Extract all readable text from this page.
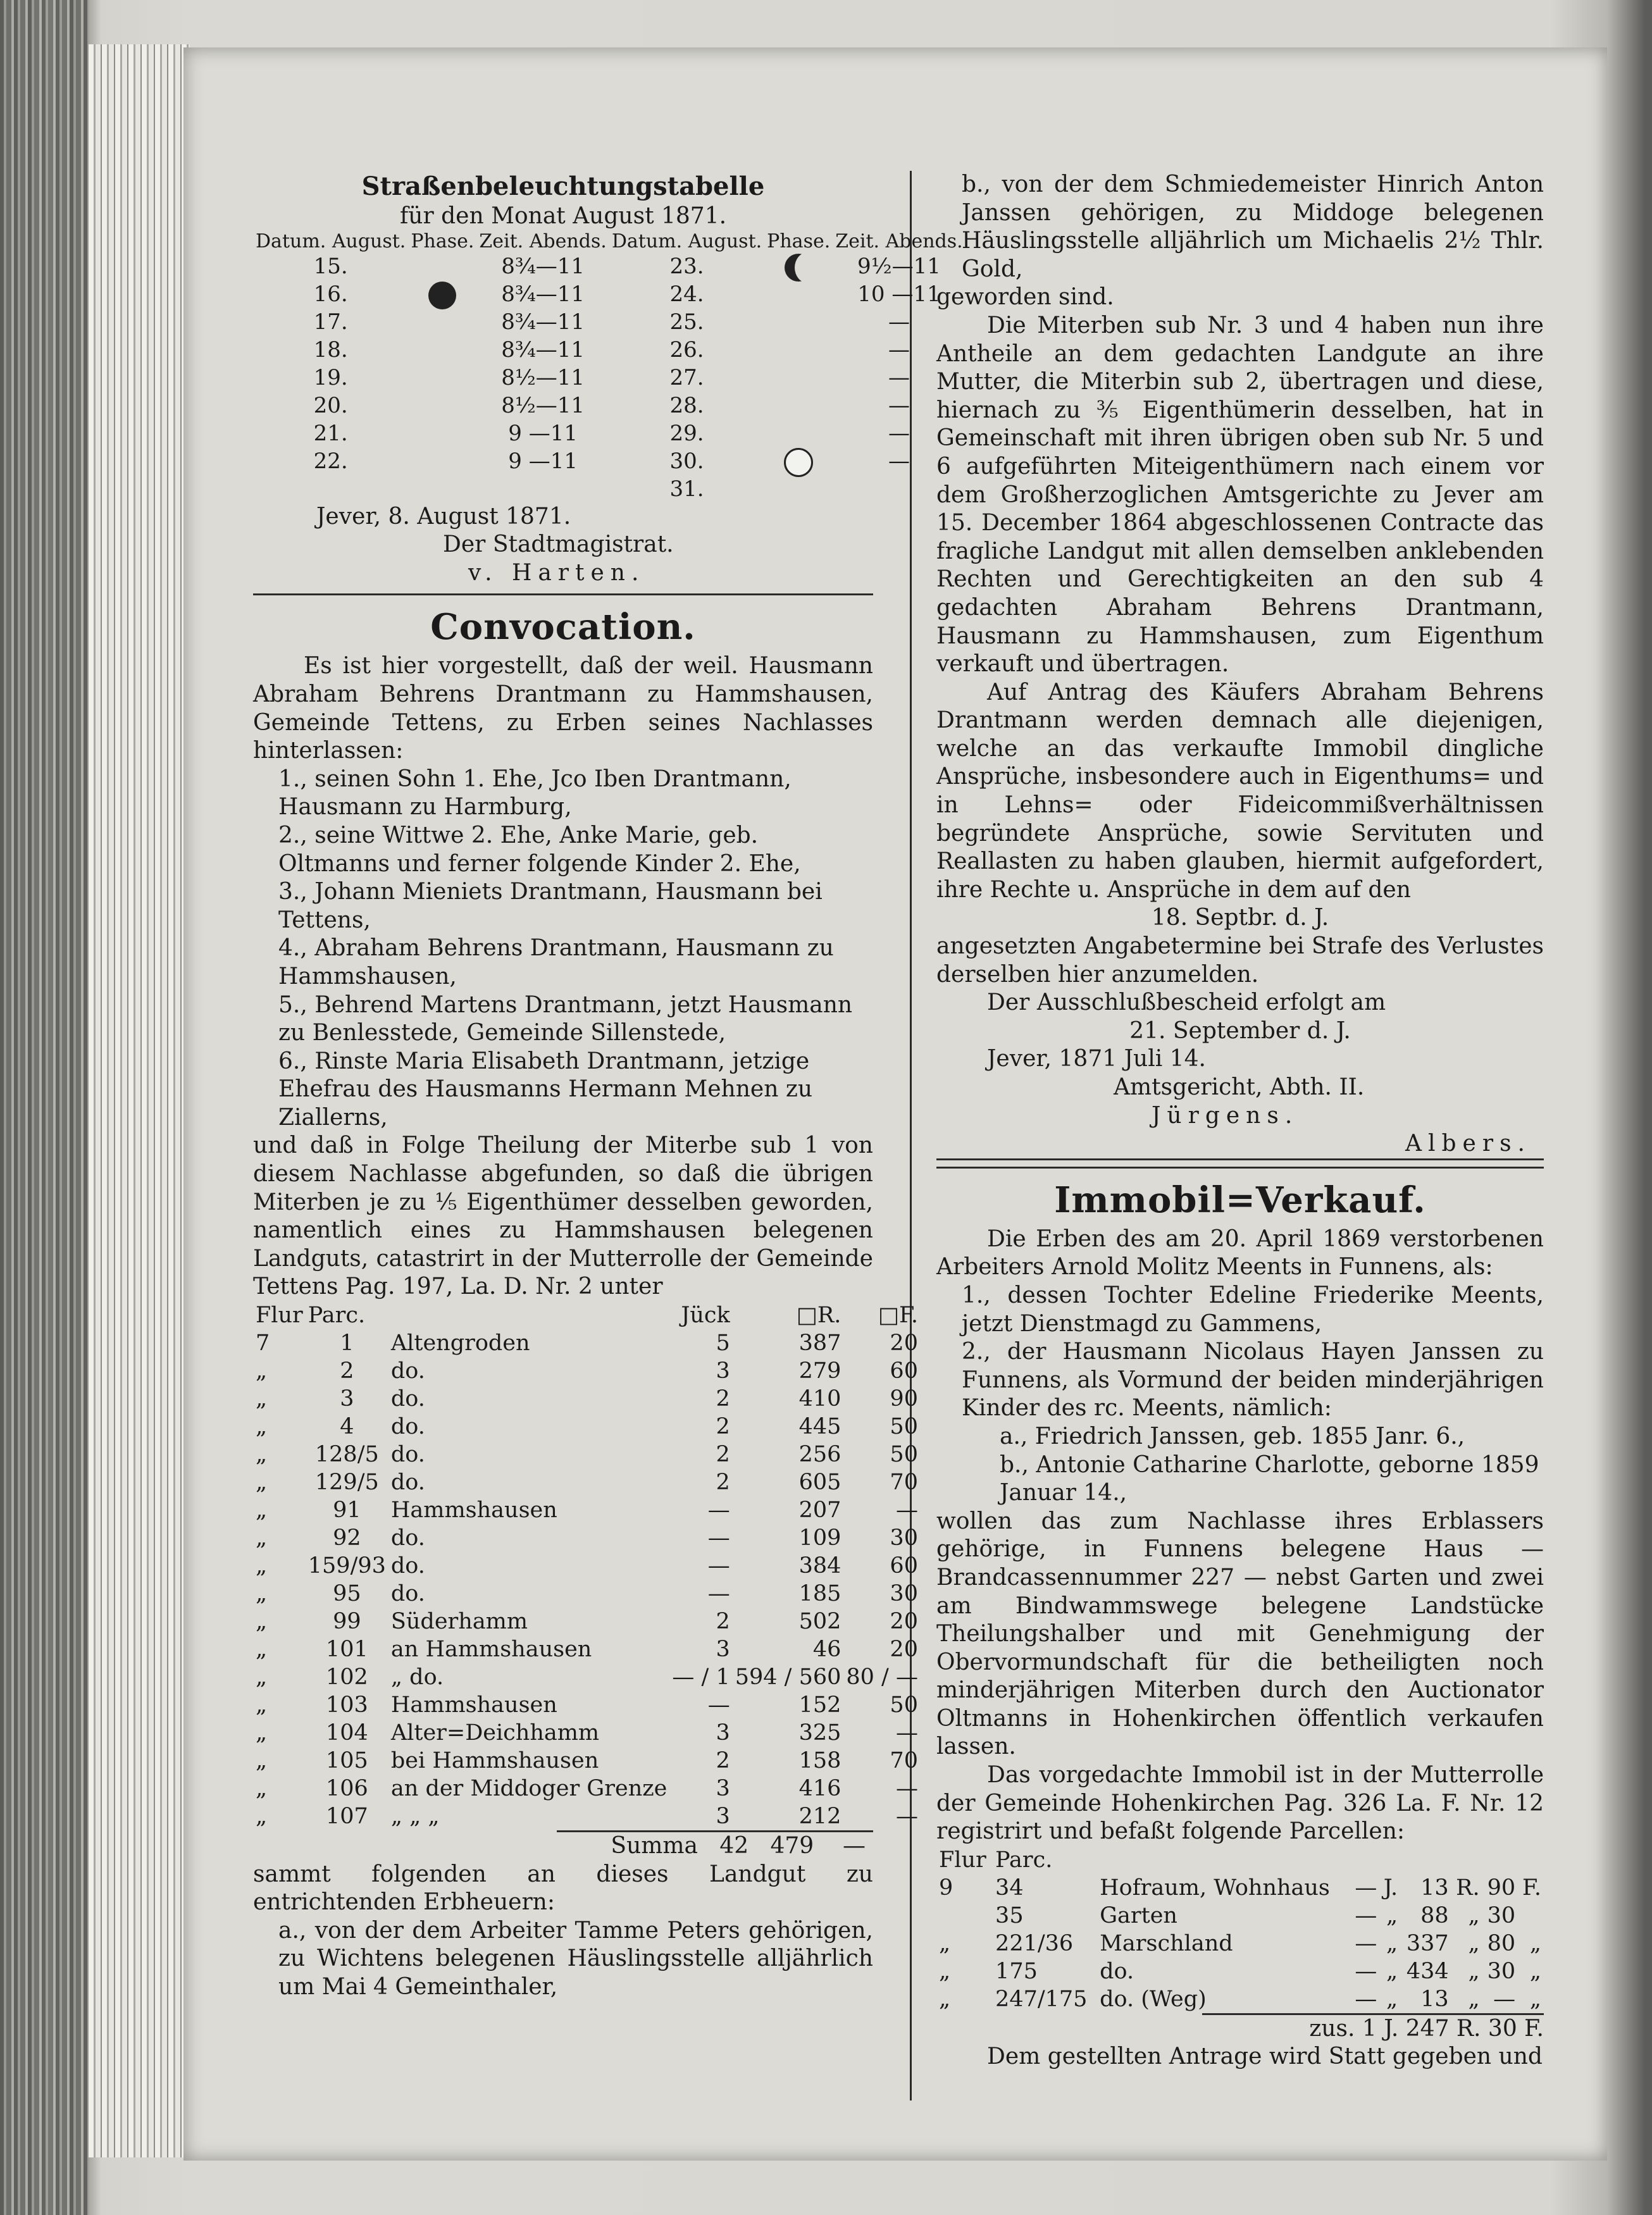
Straßenbeleuchtungstabelle
für den Monat August 1871.
Datum. August.	Phase.	Zeit. Abends.	Datum. August.	Phase.	Zeit. Abends.
15.		8¾—11	23.		9½—11
16.		8¾—11	24.		10 —11
17.		8¾—11	25.		—
18.		8¾—11	26.		—
19.		8½—11	27.		—
20.		8½—11	28.		—
21.		9 —11	29.		—
22.		9 —11	30.		—
			31.		
Jever, 8. August 1871.
Der Stadtmagistrat.
v. Harten.
Convocation.
Es ist hier vorgestellt, daß der weil. Hausmann Abraham Behrens Drantmann zu Hammshausen, Gemeinde Tettens, zu Erben seines Nachlasses hinterlassen:
1., seinen Sohn 1. Ehe, Jco Iben Drantmann, Hausmann zu Harmburg,
2., seine Wittwe 2. Ehe, Anke Marie, geb. Oltmanns und ferner folgende Kinder 2. Ehe,
3., Johann Mieniets Drantmann, Hausmann bei Tettens,
4., Abraham Behrens Drantmann, Hausmann zu Hammshausen,
5., Behrend Martens Drantmann, jetzt Hausmann zu Benlesstede, Gemeinde Sillenstede,
6., Rinste Maria Elisabeth Drantmann, jetzige Ehefrau des Hausmanns Hermann Mehnen zu Ziallerns,
und daß in Folge Theilung der Miterbe sub 1 von diesem Nachlasse abgefunden, so daß die übrigen Miterben je zu ⅕ Eigenthümer desselben geworden, namentlich eines zu Hammshausen belegenen Landguts, catastrirt in der Mutterrolle der Gemeinde Tettens Pag. 197, La. D. Nr. 2 unter
Flur	Parc.		Jück	□R.	□F.
7	1	Altengroden	5	387	20
„	2	do.	3	279	60
„	3	do.	2	410	90
„	4	do.	2	445	50
„	128/5	do.	2	256	50
„	129/5	do.	2	605	70
„	91	Hammshausen	—	207	—
„	92	do.	—	109	30
„	159/93	do.	—	384	60
„	95	do.	—	185	30
„	99	Süderhamm	2	502	20
„	101	an Hammshausen	3	46	20
„	102	„ do.	— / 1	594 / 560	80 / —
„	103	Hammshausen	—	152	50
„	104	Alter=Deichhamm	3	325	—
„	105	bei Hammshausen	2	158	70
„	106	an der Middoger Grenze	3	416	—
„	107	„ „ „	3	212	—
Summa 42 479 —
sammt folgenden an dieses Landgut zu entrichtenden Erbheuern:
a., von der dem Arbeiter Tamme Peters gehörigen, zu Wichtens belegenen Häuslingsstelle alljährlich um Mai 4 Gemeinthaler,
b., von der dem Schmiedemeister Hinrich Anton Janssen gehörigen, zu Middoge belegenen Häuslingsstelle alljährlich um Michaelis 2½ Thlr. Gold,
geworden sind.
Die Miterben sub Nr. 3 und 4 haben nun ihre Antheile an dem gedachten Landgute an ihre Mutter, die Miterbin sub 2, übertragen und diese, hiernach zu ⅗ Eigenthümerin desselben, hat in Gemeinschaft mit ihren übrigen oben sub Nr. 5 und 6 aufgeführten Miteigenthümern nach einem vor dem Großherzoglichen Amtsgerichte zu Jever am 15. December 1864 abgeschlossenen Contracte das fragliche Landgut mit allen demselben anklebenden Rechten und Gerechtigkeiten an den sub 4 gedachten Abraham Behrens Drantmann, Hausmann zu Hammshausen, zum Eigenthum verkauft und übertragen.
Auf Antrag des Käufers Abraham Behrens Drantmann werden demnach alle diejenigen, welche an das verkaufte Immobil dingliche Ansprüche, insbesondere auch in Eigenthums= und in Lehns= oder Fideicommißverhältnissen begründete Ansprüche, sowie Servituten und Reallasten zu haben glauben, hiermit aufgefordert, ihre Rechte u. Ansprüche in dem auf den
18. Septbr. d. J.
angesetzten Angabetermine bei Strafe des Verlustes derselben hier anzumelden.
Der Ausschlußbescheid erfolgt am
21. September d. J.
Jever, 1871 Juli 14.
Amtsgericht, Abth. II.
Jürgens.
Albers.
Immobil=Verkauf.
Die Erben des am 20. April 1869 verstorbenen Arbeiters Arnold Molitz Meents in Funnens, als:
1., dessen Tochter Edeline Friederike Meents, jetzt Dienstmagd zu Gammens,
2., der Hausmann Nicolaus Hayen Janssen zu Funnens, als Vormund der beiden minderjährigen Kinder des rc. Meents, nämlich:
a., Friedrich Janssen, geb. 1855 Janr. 6.,
b., Antonie Catharine Charlotte, geborne 1859 Januar 14.,
wollen das zum Nachlasse ihres Erblassers gehörige, in Funnens belegene Haus — Brandcassennummer 227 — nebst Garten und zwei am Bindwammswege belegene Landstücke Theilungshalber und mit Genehmigung der Obervormundschaft für die betheiligten noch minderjährigen Miterben durch den Auctionator Oltmanns in Hohenkirchen öffentlich verkaufen lassen.
Das vorgedachte Immobil ist in der Mutterrolle der Gemeinde Hohenkirchen Pag. 326 La. F. Nr. 12 registrirt und befaßt folgende Parcellen:
Flur	Parc.							
9	34	Hofraum, Wohnhaus	—	J.	13	R.	90	F.
	35	Garten	—	„	88	„	30	
„	221/36	Marschland	—	„	337	„	80	„
„	175	do.	—	„	434	„	30	„
„	247/175	do. (Weg)	—	„	13	„	—	„
zus. 1 J. 247 R. 30 F.
Dem gestellten Antrage wird Statt gegeben und
